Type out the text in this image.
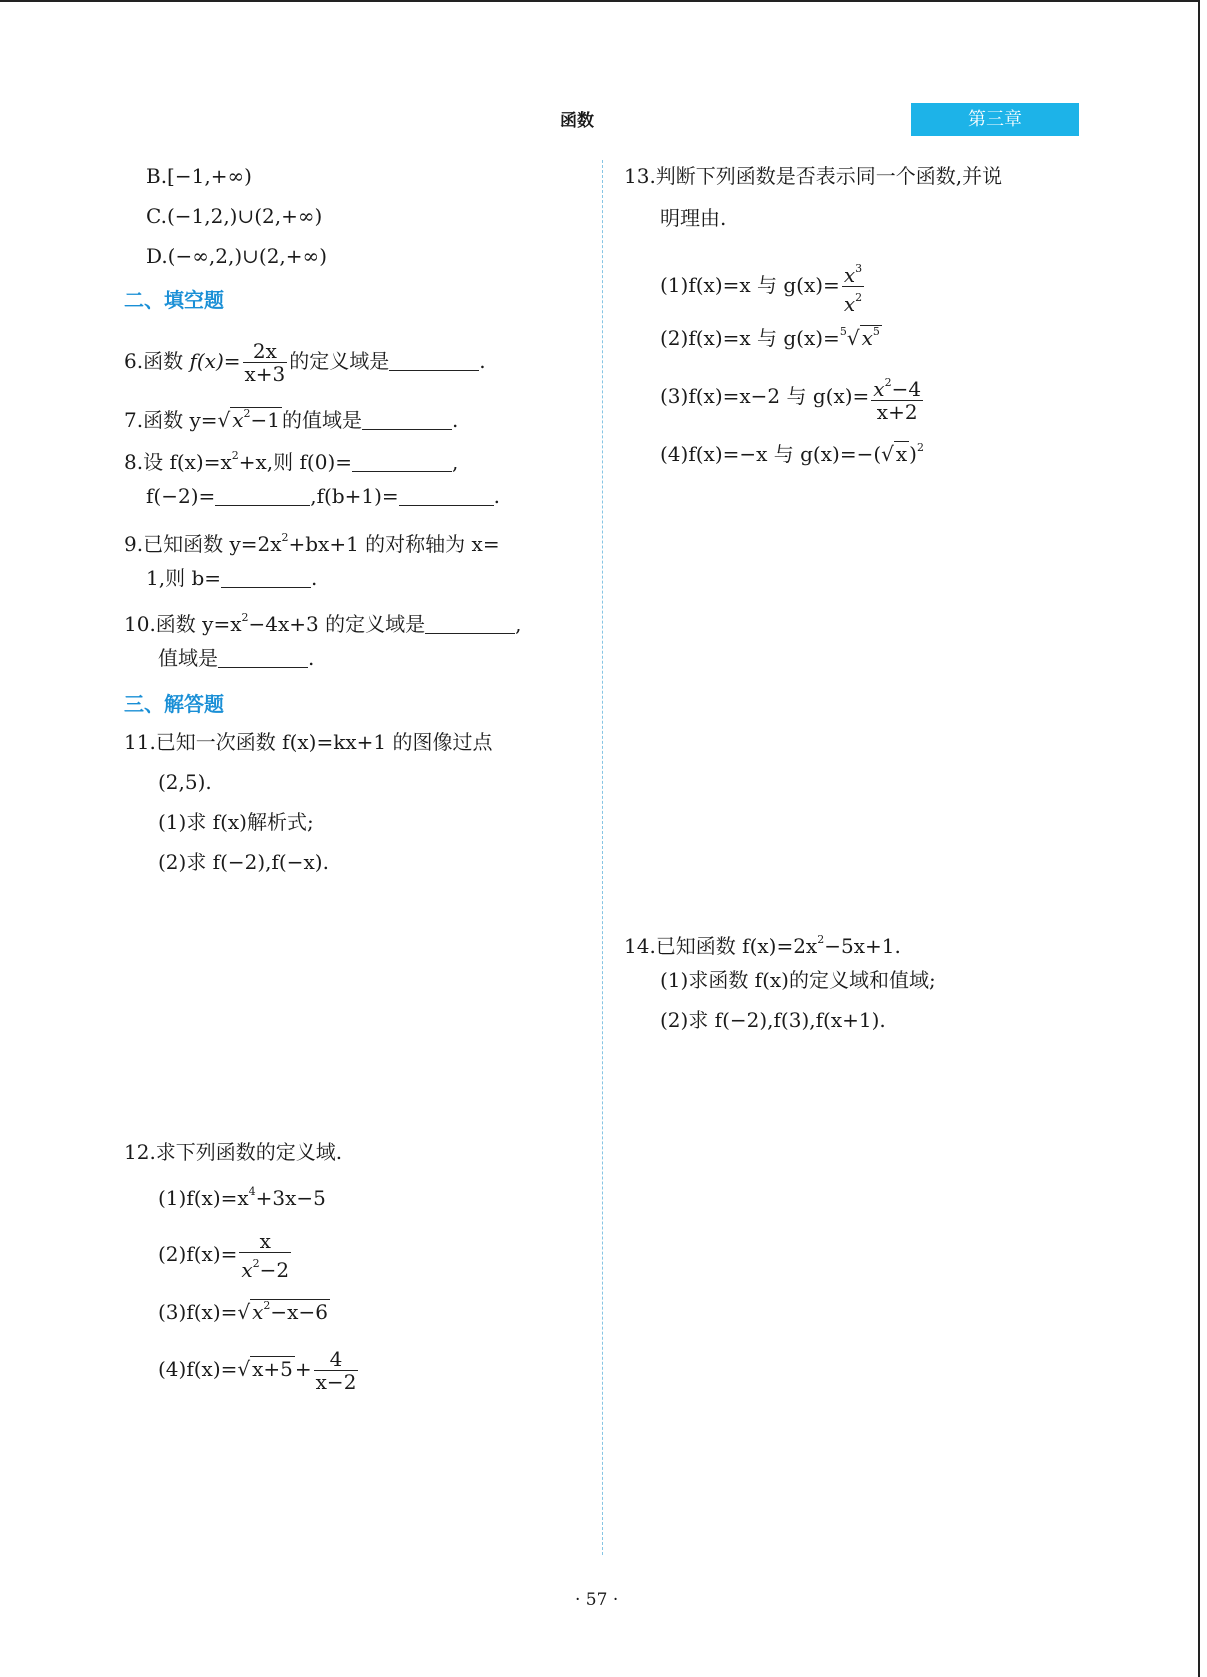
函数	第三章
B.[−1,+∞)
C.(−1,2,)∪(2,+∞)
D.(−∞,2,)∪(2,+∞)
二、填空题
6.函数 $f(x)= \frac{2x}{x+3}$ 的定义域是	.
7.函数 y=√ $x^2-1$ 的值域是	.
8.设 $f(x)=x^2+x$,则 f(0)=	,
f(−2)=	,f(b+1)=	.
9.已知函数 $y=2x^2+bx+1$ 的对称轴为 x=
1,则 b=	.
10.函数 $y=x^2-4x+3$ 的定义域是	,
值域是	.
三、解答题
11.已知一次函数 f(x)=kx+1 的图像过点
(2,5).
(1)求 f(x)解析式;
(2)求 f(−2),f(−x).
12.求下列函数的定义域.
$(1)f(x)=x^4+3x-5$
$(2)f(x)= \frac{x}{x^2-2}$
(3)f(x)=√ $x^2-x-6$
(4)f(x)=√ $x+5 + \frac{4}{x-2}$
13.判断下列函数是否表示同一个函数,并说
明理由.
(1)f(x)=x 与 $g(x)= \frac{x^3}{x^2}$
(2)f(x)=x 与 g(x)=$^5$√ $x^5$
(3)f(x)=x−2 与 $g(x)= \frac{x^2-4}{x+2}$
(4)f(x)=−x 与 g(x)=−(√ x )$^2$
14.已知函数 $f(x)=2x^2-5x+1$.
(1)求函数 f(x)的定义域和值域;
(2)求 f(−2),f(3),f(x+1).
· 57 ·
